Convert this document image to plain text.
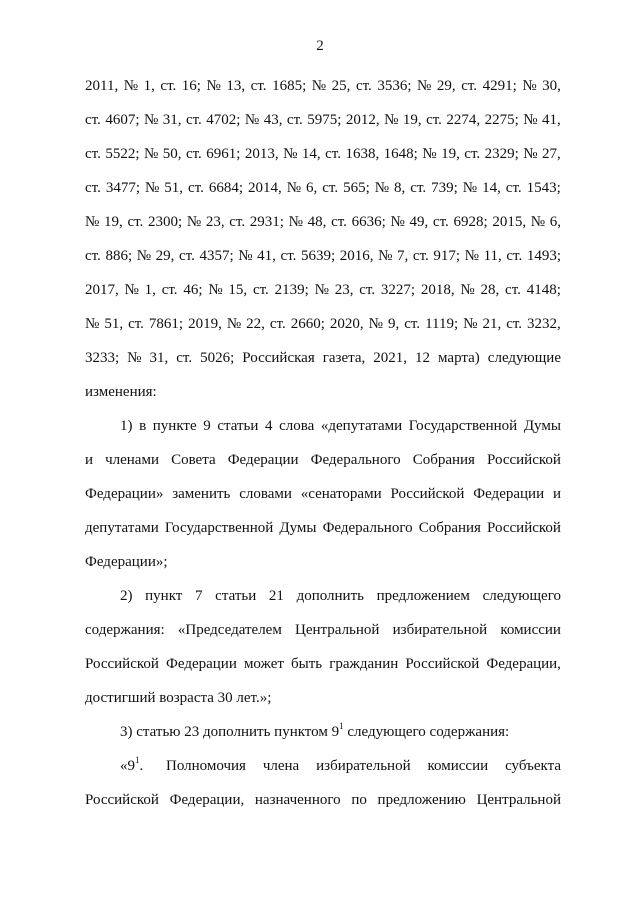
2
2011, № 1, ст. 16; № 13, ст. 1685; № 25, ст. 3536; № 29, ст. 4291; № 30,
ст. 4607; № 31, ст. 4702; № 43, ст. 5975; 2012, № 19, ст. 2274, 2275; № 41,
ст. 5522; № 50, ст. 6961; 2013, № 14, ст. 1638, 1648; № 19, ст. 2329; № 27,
ст. 3477; № 51, ст. 6684; 2014, № 6, ст. 565; № 8, ст. 739; № 14, ст. 1543;
№ 19, ст. 2300; № 23, ст. 2931; № 48, ст. 6636; № 49, ст. 6928; 2015, № 6,
ст. 886; № 29, ст. 4357; № 41, ст. 5639; 2016, № 7, ст. 917; № 11, ст. 1493;
2017, № 1, ст. 46; № 15, ст. 2139; № 23, ст. 3227; 2018, № 28, ст. 4148;
№ 51, ст. 7861; 2019, № 22, ст. 2660; 2020, № 9, ст. 1119; № 21, ст. 3232,
3233; № 31, ст. 5026; Российская газета, 2021, 12 марта) следующие
изменения:
1) в пункте 9 статьи 4 слова «депутатами Государственной Думы
и членами Совета Федерации Федерального Собрания Российской
Федерации» заменить словами «сенаторами Российской Федерации и
депутатами Государственной Думы Федерального Собрания Российской
Федерации»;
2) пункт 7 статьи 21 дополнить предложением следующего
содержания: «Председателем Центральной избирательной комиссии
Российской Федерации может быть гражданин Российской Федерации,
достигший возраста 30 лет.»;
3) статью 23 дополнить пунктом $9^1$ следующего содержания:
«$9^1$. Полномочия члена избирательной комиссии субъекта
Российской Федерации, назначенного по предложению Центральной
